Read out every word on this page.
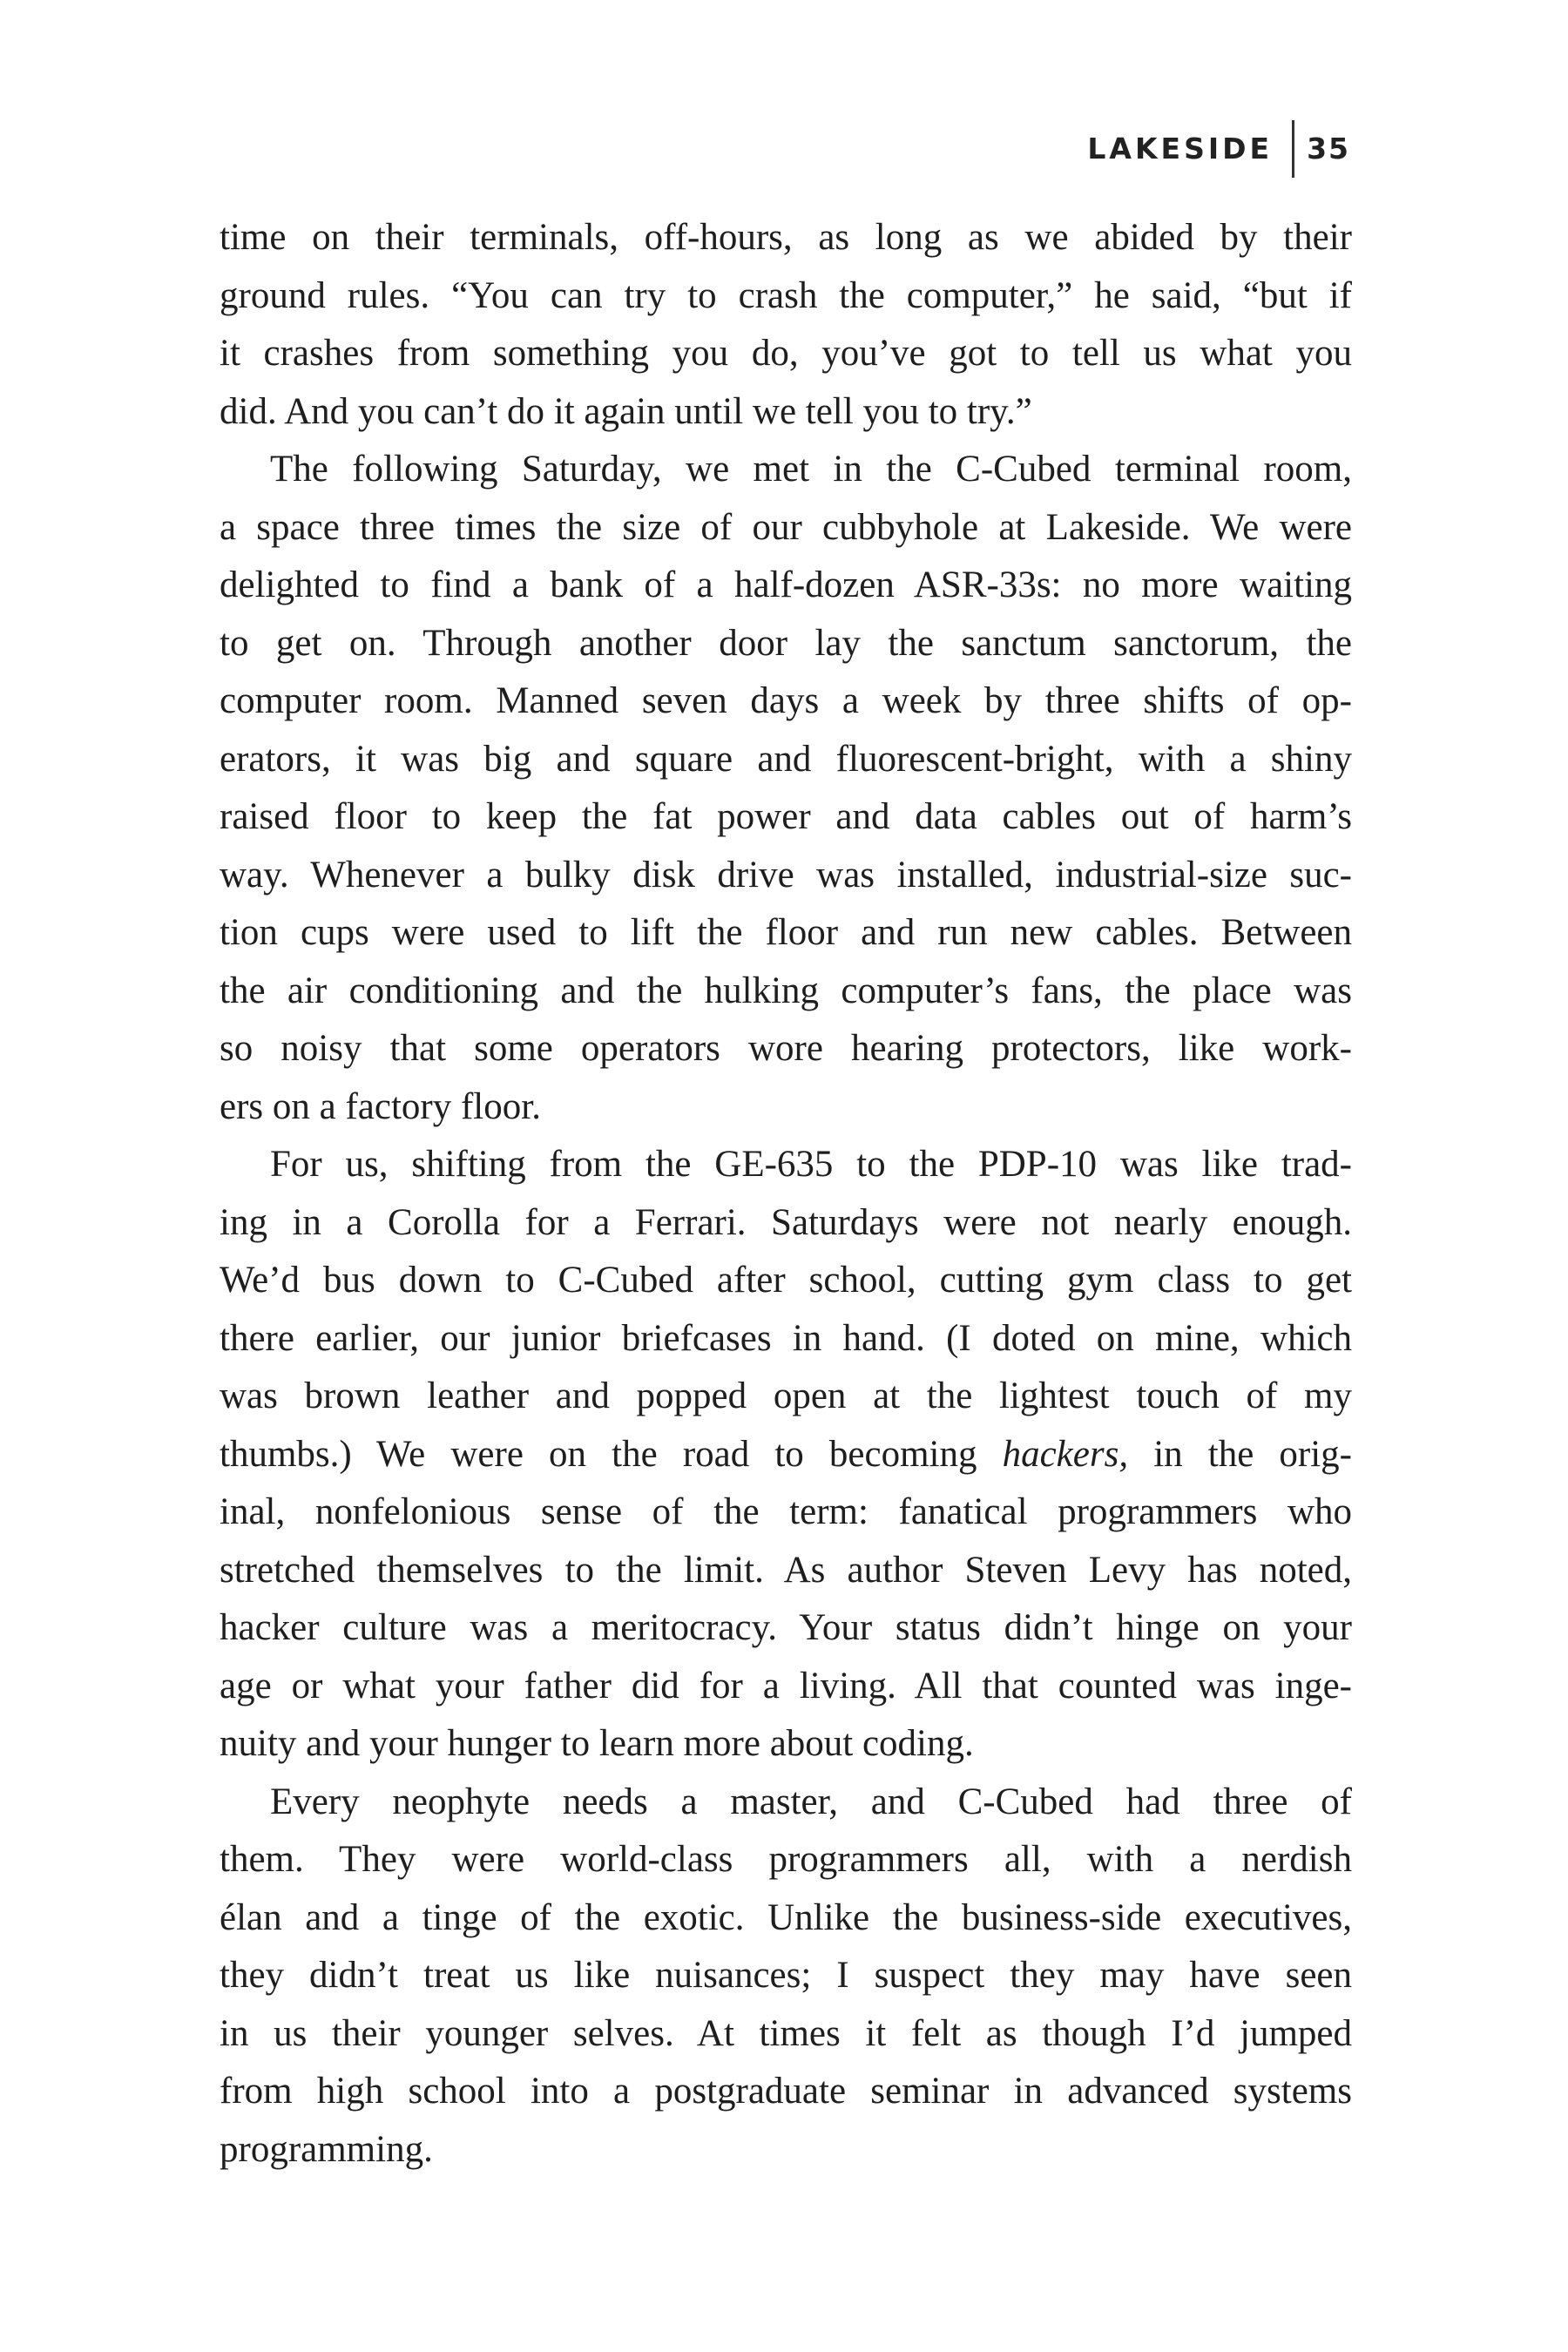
LAKESIDE 35
time on their terminals, off-hours, as long as we abided by their
ground rules. “You can try to crash the computer,” he said, “but if
it crashes from something you do, you’ve got to tell us what you
did. And you can’t do it again until we tell you to try.”
The following Saturday, we met in the C-Cubed terminal room,
a space three times the size of our cubbyhole at Lakeside. We were
delighted to find a bank of a half-dozen ASR-33s: no more waiting
to get on. Through another door lay the sanctum sanctorum, the
computer room. Manned seven days a week by three shifts of op-
erators, it was big and square and fluorescent-bright, with a shiny
raised floor to keep the fat power and data cables out of harm’s
way. Whenever a bulky disk drive was installed, industrial-size suc-
tion cups were used to lift the floor and run new cables. Between
the air conditioning and the hulking computer’s fans, the place was
so noisy that some operators wore hearing protectors, like work-
ers on a factory floor.
For us, shifting from the GE-635 to the PDP-10 was like trad-
ing in a Corolla for a Ferrari. Saturdays were not nearly enough.
We’d bus down to C-Cubed after school, cutting gym class to get
there earlier, our junior briefcases in hand. (I doted on mine, which
was brown leather and popped open at the lightest touch of my
thumbs.) We were on the road to becoming hackers, in the orig-
inal, nonfelonious sense of the term: fanatical programmers who
stretched themselves to the limit. As author Steven Levy has noted,
hacker culture was a meritocracy. Your status didn’t hinge on your
age or what your father did for a living. All that counted was inge-
nuity and your hunger to learn more about coding.
Every neophyte needs a master, and C-Cubed had three of
them. They were world-class programmers all, with a nerdish
élan and a tinge of the exotic. Unlike the business-side executives,
they didn’t treat us like nuisances; I suspect they may have seen
in us their younger selves. At times it felt as though I’d jumped
from high school into a postgraduate seminar in advanced systems
programming.
